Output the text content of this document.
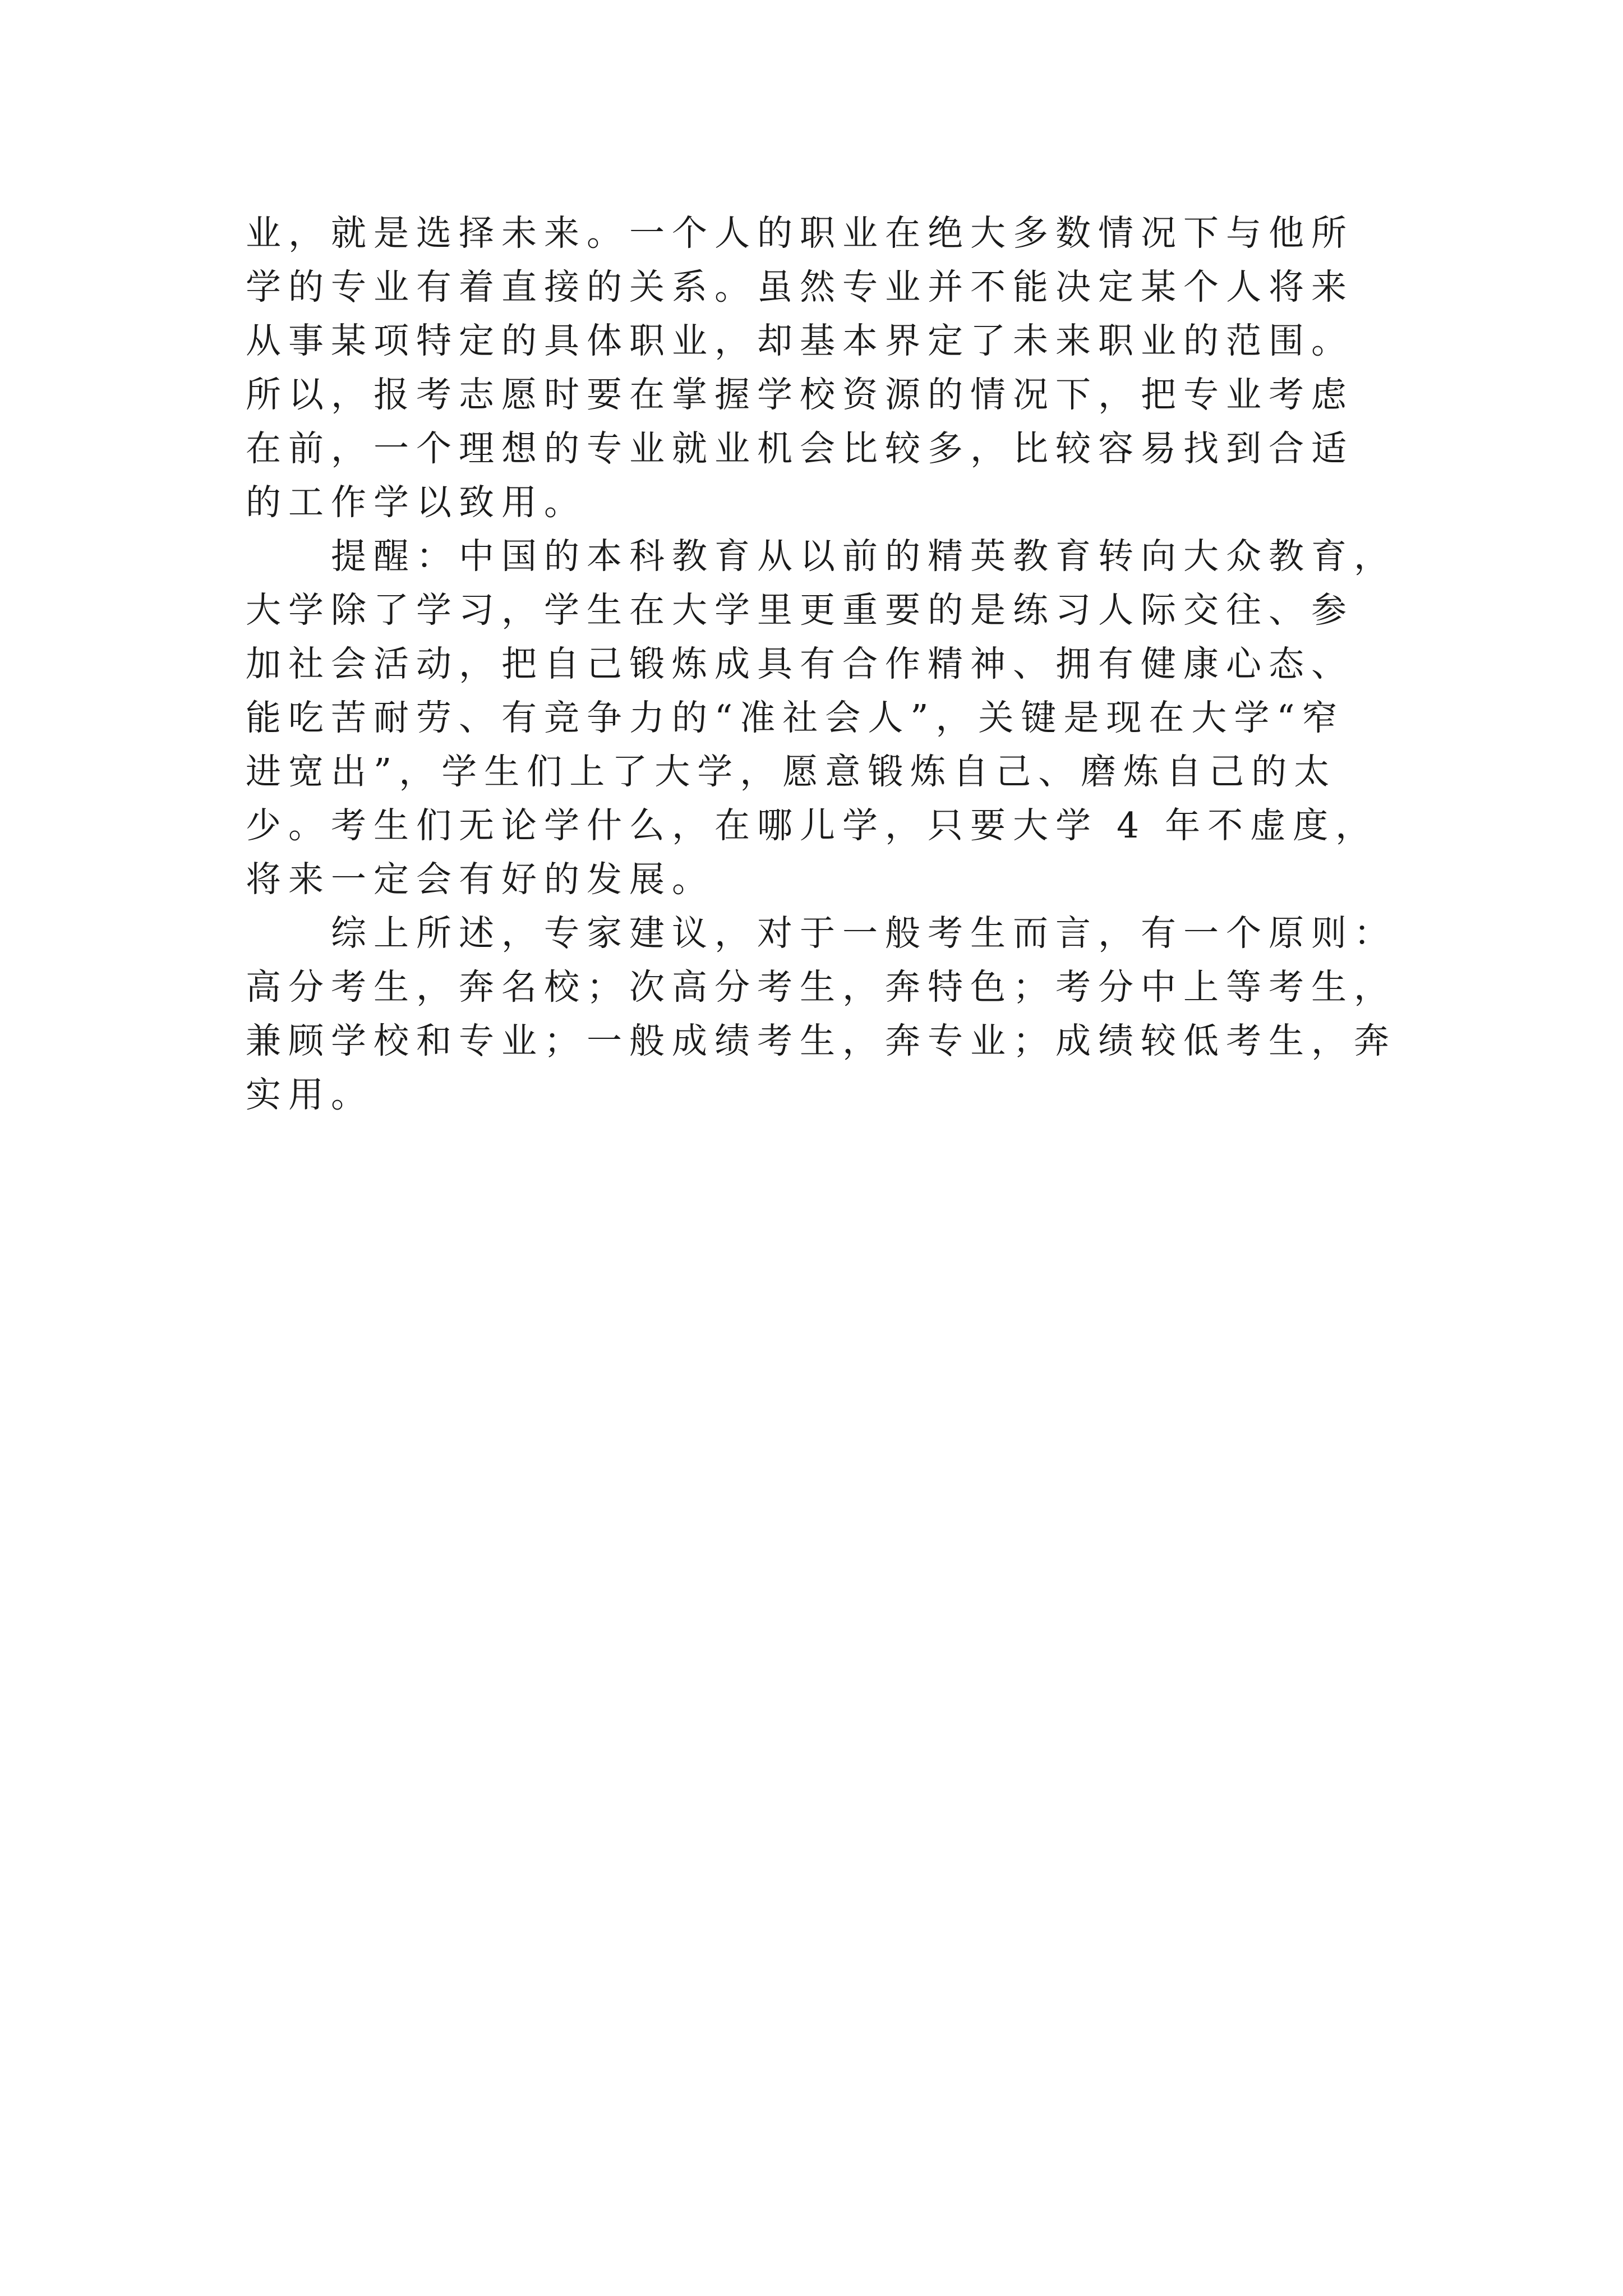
业，就是选择未来。一个人的职业在绝大多数情况下与他所
学的专业有着直接的关系。虽然专业并不能决定某个人将来
从事某项特定的具体职业，却基本界定了未来职业的范围。
所以，报考志愿时要在掌握学校资源的情况下，把专业考虑
在前，一个理想的专业就业机会比较多，比较容易找到合适
的工作学以致用。
提醒：中国的本科教育从以前的精英教育转向大众教育，
大学除了学习，学生在大学里更重要的是练习人际交往、参
加社会活动，把自己锻炼成具有合作精神、拥有健康心态、
能吃苦耐劳、有竞争力的“准社会人”，关键是现在大学“窄
进宽出”，学生们上了大学，愿意锻炼自己、磨炼自己的太
少。考生们无论学什么，在哪儿学，只要大学 4 年不虚度，
将来一定会有好的发展。
综上所述，专家建议，对于一般考生而言，有一个原则：
高分考生，奔名校；次高分考生，奔特色；考分中上等考生，
兼顾学校和专业；一般成绩考生，奔专业；成绩较低考生，奔
实用。
